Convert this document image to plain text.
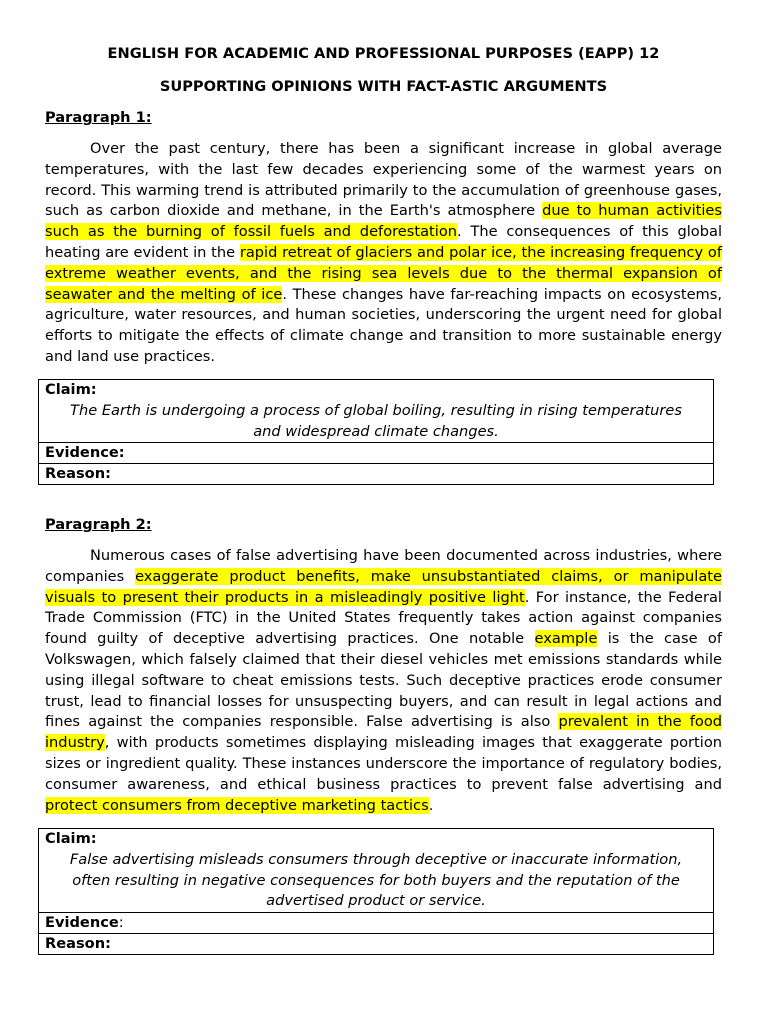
ENGLISH FOR ACADEMIC AND PROFESSIONAL PURPOSES (EAPP) 12
SUPPORTING OPINIONS WITH FACT-ASTIC ARGUMENTS
Paragraph 1:

Over the past century, there has been a significant increase in global average temperatures, with the last few decades experiencing some of the warmest years on record. This warming trend is attributed primarily to the accumulation of greenhouse gases, such as carbon dioxide and methane, in the Earth's atmosphere due to human activities such as the burning of fossil fuels and deforestation. The consequences of this global heating are evident in the rapid retreat of glaciers and polar ice, the increasing frequency of extreme weather events, and the rising sea levels due to the thermal expansion of seawater and the melting of ice. These changes have far-reaching impacts on ecosystems, agriculture, water resources, and human societies, underscoring the urgent need for global efforts to mitigate the effects of climate change and transition to more sustainable energy and land use practices.

Paragraph 2:

Numerous cases of false advertising have been documented across industries, where companies exaggerate product benefits, make unsubstantiated claims, or manipulate visuals to present their products in a misleadingly positive light. For instance, the Federal Trade Commission (FTC) in the United States frequently takes action against companies found guilty of deceptive advertising practices. One notable example is the case of Volkswagen, which falsely claimed that their diesel vehicles met emissions standards while using illegal software to cheat emissions tests. Such deceptive practices erode consumer trust, lead to financial losses for unsuspecting buyers, and can result in legal actions and fines against the companies responsible. False advertising is also prevalent in the food industry, with products sometimes displaying misleading images that exaggerate portion sizes or ingredient quality. These instances underscore the importance of regulatory bodies, consumer awareness, and ethical business practices to prevent false advertising and protect consumers from deceptive marketing tactics.

Claim:
The Earth is undergoing a process of global boiling, resulting in rising temperatures and widespread climate changes.
Evidence:
Reason:
Claim:
False advertising misleads consumers through deceptive or inaccurate information, often resulting in negative consequences for both buyers and the reputation of the advertised product or service.
Evidence:
Reason:
